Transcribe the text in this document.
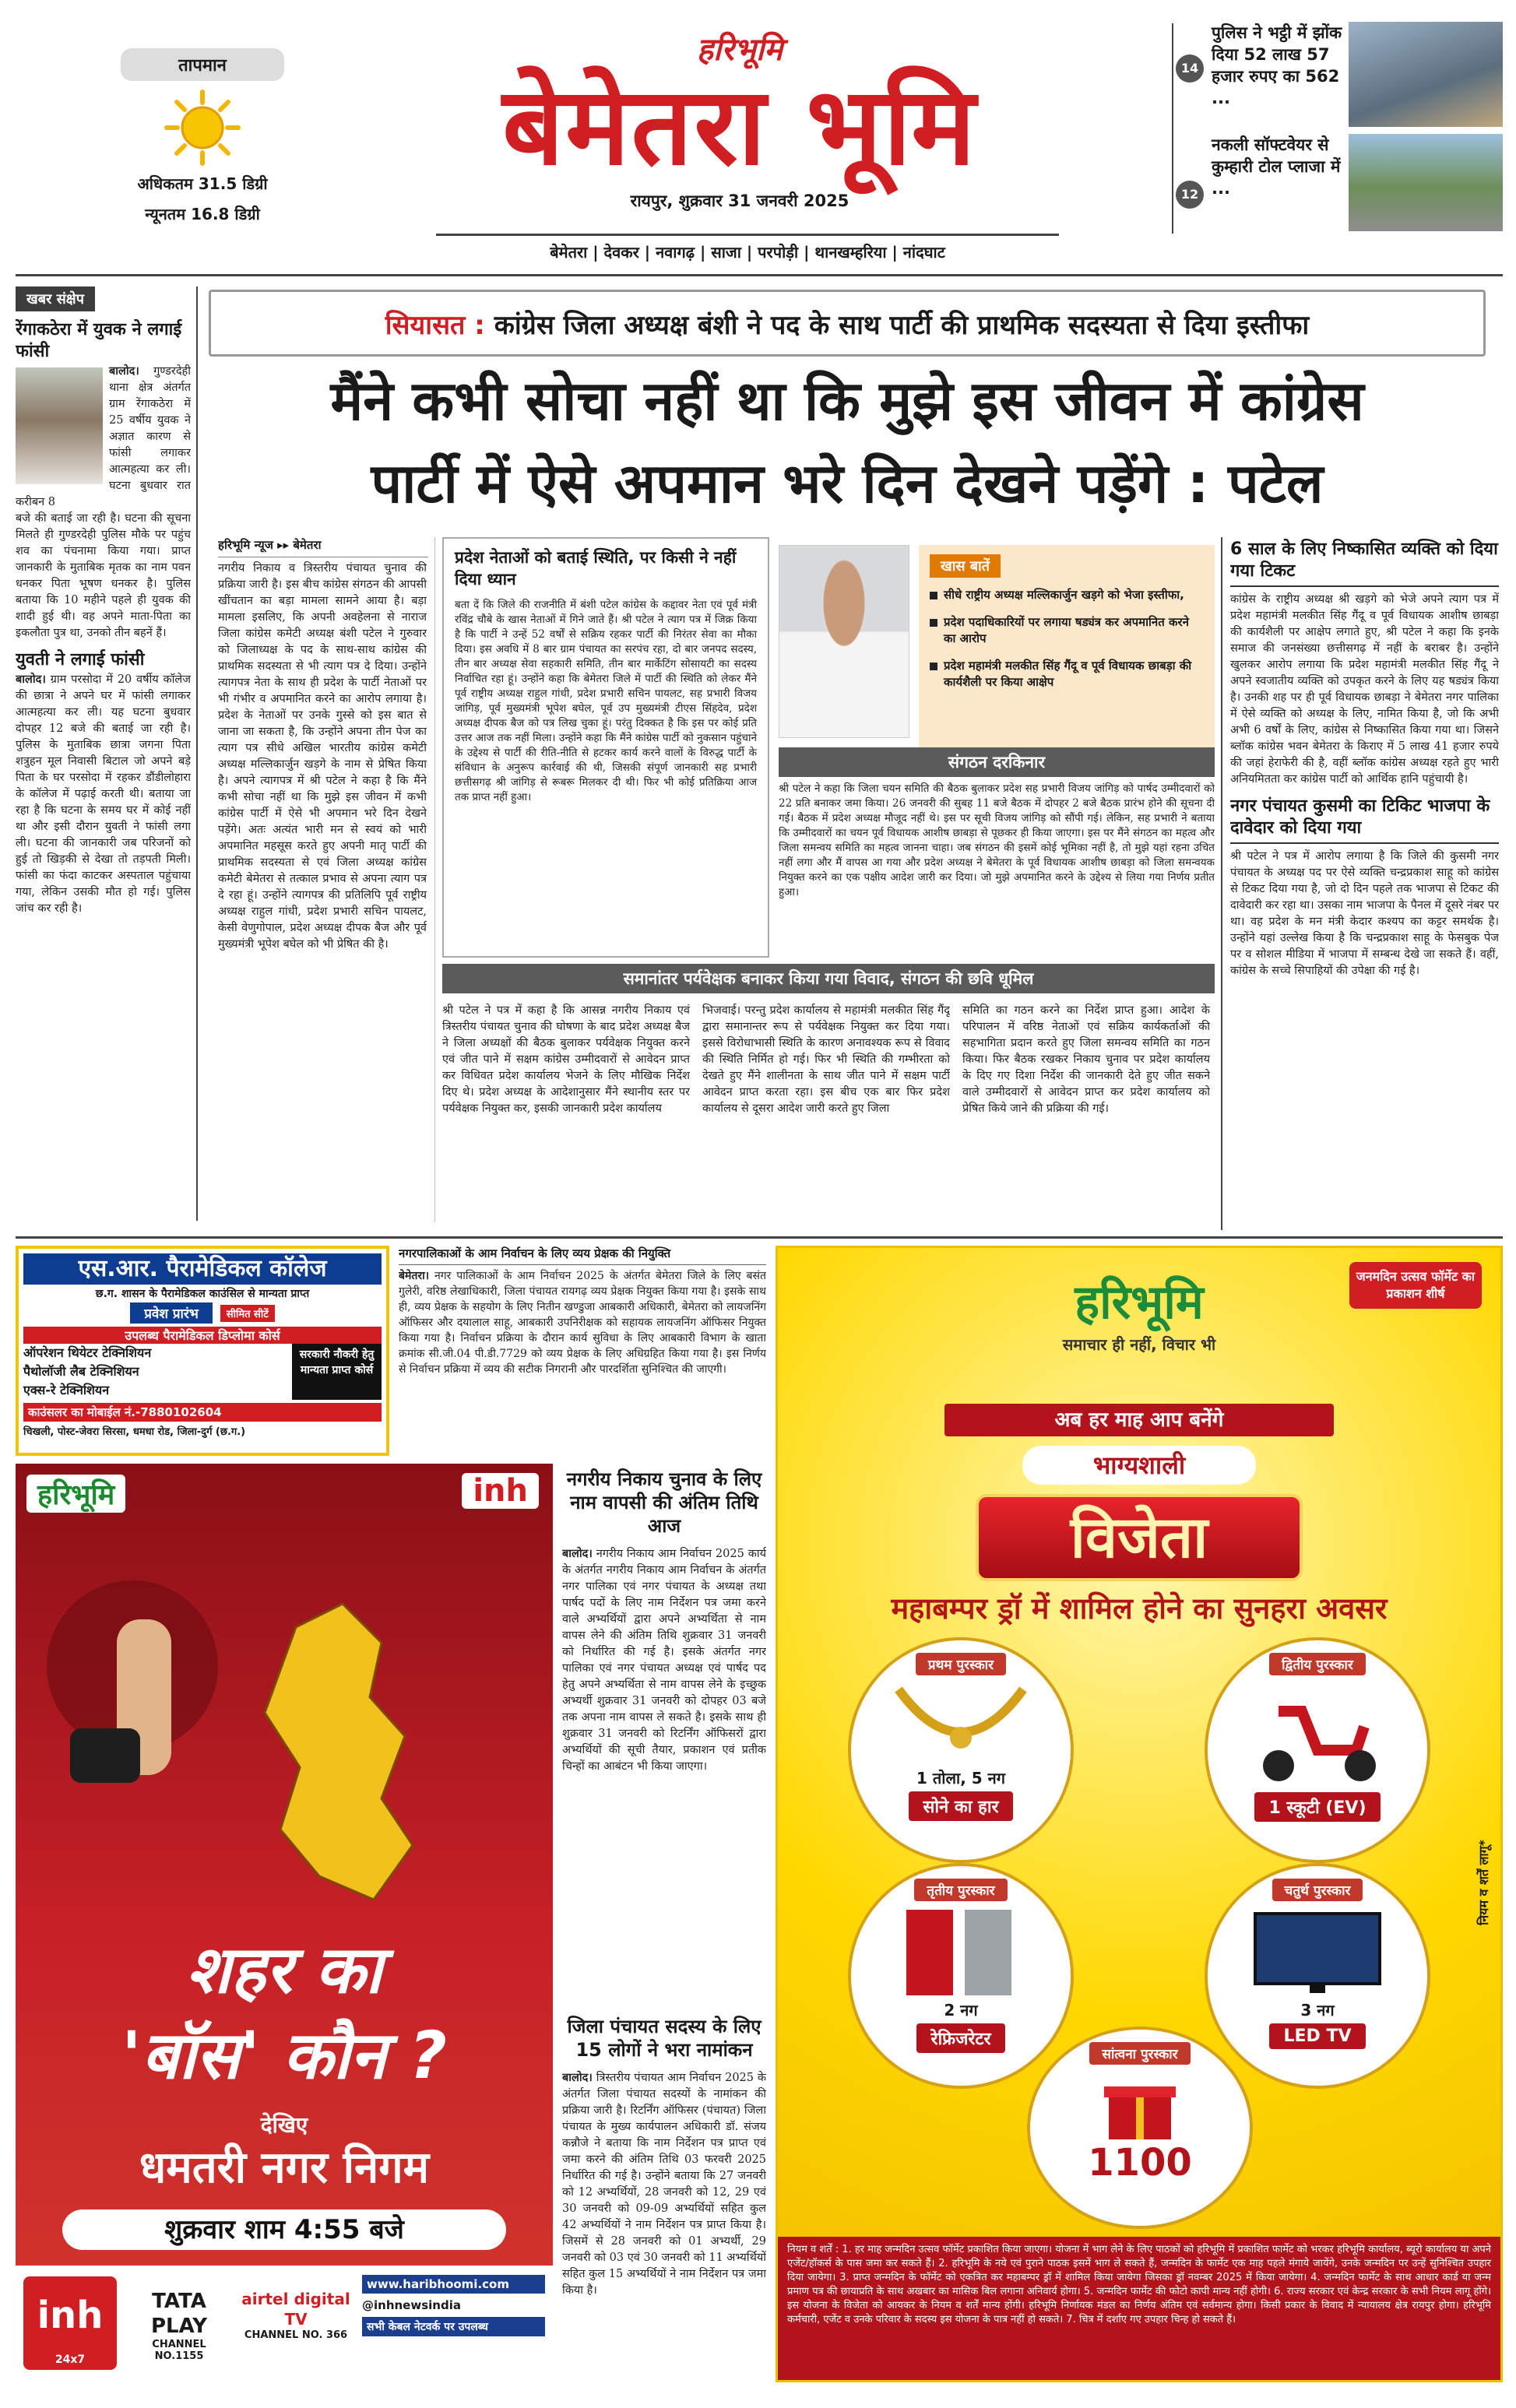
तापमान
अधिकतम 31.5 डिग्री
न्यूनतम 16.8 डिग्री
हरिभूमि
बेमेतरा भूमि
रायपुर, शुक्रवार 31 जनवरी 2025
बेमेतरा | देवकर | नवागढ़ | साजा | परपोड़ी | थानखम्हरिया | नांदघाट
14
पुलिस ने भट्ठी में झोंक दिया 52 लाख 57 हजार रुपए का 562 ...
12
नकली सॉफ्टवेयर से कुम्हारी टोल प्लाजा में ...
खबर संक्षेप
रेंगाकठेरा में युवक ने लगाई फांसी
बालोद। गुण्डरदेही थाना क्षेत्र अंतर्गत ग्राम रेंगाकठेरा में 25 वर्षीय युवक ने अज्ञात कारण से फांसी लगाकर आत्महत्या कर ली। घटना बुधवार रात करीबन 8
बजे की बताई जा रही है। घटना की सूचना मिलते ही गुण्डरदेही पुलिस मौके पर पहुंच शव का पंचनामा किया गया। प्राप्त जानकारी के मुताबिक मृतक का नाम पवन धनकर पिता भूषण धनकर है। पुलिस बताया कि 10 महीने पहले ही युवक की शादी हुई थी। वह अपने माता-पिता का इकलौता पुत्र था, उनको तीन बहनें हैं।
युवती ने लगाई फांसी
बालोद। ग्राम परसोदा में 20 वर्षीय कॉलेज की छात्रा ने अपने घर में फांसी लगाकर आत्महत्या कर ली। यह घटना बुधवार दोपहर 12 बजे की बताई जा रही है। पुलिस के मुताबिक छात्रा जगना पिता शत्रुहन मूल निवासी बिटाल जो अपने बड़े पिता के घर परसोदा में रहकर डौंडीलोहारा के कॉलेज में पढ़ाई करती थी। बताया जा रहा है कि घटना के समय घर में कोई नहीं था और इसी दौरान युवती ने फांसी लगा ली। घटना की जानकारी जब परिजनों को हुई तो खिड़की से देखा तो तड़पती मिली। फांसी का फंदा काटकर अस्पताल पहुंचाया गया, लेकिन उसकी मौत हो गई। पुलिस जांच कर रही है।
सियासत : कांग्रेस जिला अध्यक्ष बंशी ने पद के साथ पार्टी की प्राथमिक सदस्यता से दिया इस्तीफा
मैंने कभी सोचा नहीं था कि मुझे इस जीवन में कांग्रेस
पार्टी में ऐसे अपमान भरे दिन देखने पड़ेंगे : पटेल
हरिभूमि न्यूज ▸▸ बेमेतरा
नगरीय निकाय व त्रिस्तरीय पंचायत चुनाव की प्रक्रिया जारी है। इस बीच कांग्रेस संगठन की आपसी खींचतान का बड़ा मामला सामने आया है। बड़ा मामला इसलिए, कि अपनी अवहेलना से नाराज जिला कांग्रेस कमेटी अध्यक्ष बंशी पटेल ने गुरुवार को जिलाध्यक्ष के पद के साथ-साथ कांग्रेस की प्राथमिक सदस्यता से भी त्याग पत्र दे दिया। उन्होंने त्यागपत्र नेता के साथ ही प्रदेश के पार्टी नेताओं पर भी गंभीर व अपमानित करने का आरोप लगाया है। प्रदेश के नेताओं पर उनके गुस्से को इस बात से जाना जा सकता है, कि उन्होंने अपना तीन पेज का त्याग पत्र सीधे अखिल भारतीय कांग्रेस कमेटी अध्यक्ष मल्लिकार्जुन खड़गे के नाम से प्रेषित किया है। अपने त्यागपत्र में श्री पटेल ने कहा है कि मैंने कभी सोचा नहीं था कि मुझे इस जीवन में कभी कांग्रेस पार्टी में ऐसे भी अपमान भरे दिन देखने पड़ेंगे। अतः अत्यंत भारी मन से स्वयं को भारी अपमानित महसूस करते हुए अपनी मातृ पार्टी की प्राथमिक सदस्यता से एवं जिला अध्यक्ष कांग्रेस कमेटी बेमेतरा से तत्काल प्रभाव से अपना त्याग पत्र दे रहा हूं। उन्होंने त्यागपत्र की प्रतिलिपि पूर्व राष्ट्रीय अध्यक्ष राहुल गांधी, प्रदेश प्रभारी सचिन पायलट, केसी वेणुगोपाल, प्रदेश अध्यक्ष दीपक बैज और पूर्व मुख्यमंत्री भूपेश बघेल को भी प्रेषित की है।
प्रदेश नेताओं को बताई स्थिति, पर किसी ने नहीं दिया ध्यान
बता दें कि जिले की राजनीति में बंशी पटेल कांग्रेस के कद्दावर नेता एवं पूर्व मंत्री रविंद्र चौबे के खास नेताओं में गिने जाते हैं। श्री पटेल ने त्याग पत्र में जिक्र किया है कि पार्टी ने उन्हें 52 वर्षों से सक्रिय रहकर पार्टी की निरंतर सेवा का मौका दिया। इस अवधि में 8 बार ग्राम पंचायत का सरपंच रहा, दो बार जनपद सदस्य, तीन बार अध्यक्ष सेवा सहकारी समिति, तीन बार मार्केटिंग सोसायटी का सदस्य निर्वाचित रहा हूं। उन्होंने कहा कि बेमेतरा जिले में पार्टी की स्थिति को लेकर मैंने पूर्व राष्ट्रीय अध्यक्ष राहुल गांधी, प्रदेश प्रभारी सचिन पायलट, सह प्रभारी विजय जांगिड़, पूर्व मुख्यमंत्री भूपेश बघेल, पूर्व उप मुख्यमंत्री टीएस सिंहदेव, प्रदेश अध्यक्ष दीपक बैज को पत्र लिख चुका हूं। परंतु दिक्कत है कि इस पर कोई प्रति उत्तर आज तक नहीं मिला। उन्होंने कहा कि मैंने कांग्रेस पार्टी को नुकसान पहुंचाने के उद्देश्य से पार्टी की रीति-नीति से हटकर कार्य करने वालों के विरुद्ध पार्टी के संविधान के अनुरूप कार्रवाई की थी, जिसकी संपूर्ण जानकारी सह प्रभारी छत्तीसगढ़ श्री जांगिड़ से रूबरू मिलकर दी थी। फिर भी कोई प्रतिक्रिया आज तक प्राप्त नहीं हुआ।
खास बातें
सीधे राष्ट्रीय अध्यक्ष मल्लिकार्जुन खड़गे को भेजा इस्तीफा,
प्रदेश पदाधिकारियों पर लगाया षड्यंत्र कर अपमानित करने का आरोप
प्रदेश महामंत्री मलकीत सिंह गैंदू व पूर्व विधायक छाबड़ा की कार्यशैली पर किया आक्षेप
संगठन दरकिनार
श्री पटेल ने कहा कि जिला चयन समिति की बैठक बुलाकर प्रदेश सह प्रभारी विजय जांगिड़ को पार्षद उम्मीदवारों को 22 प्रति बनाकर जमा किया। 26 जनवरी की सुबह 11 बजे बैठक में दोपहर 2 बजे बैठक प्रारंभ होने की सूचना दी गई। बैठक में प्रदेश अध्यक्ष मौजूद नहीं थे। इस पर सूची विजय जांगिड़ को सौंपी गई। लेकिन, सह प्रभारी ने बताया कि उम्मीदवारों का चयन पूर्व विधायक आशीष छाबड़ा से पूछकर ही किया जाएगा। इस पर मैंने संगठन का महत्व और जिला समन्वय समिति का महत्व जानना चाहा। जब संगठन की इसमें कोई भूमिका नहीं है, तो मुझे यहां रहना उचित नहीं लगा और मैं वापस आ गया और प्रदेश अध्यक्ष ने बेमेतरा के पूर्व विधायक आशीष छाबड़ा को जिला समन्वयक नियुक्त करने का एक पक्षीय आदेश जारी कर दिया। जो मुझे अपमानित करने के उद्देश्य से लिया गया निर्णय प्रतीत हुआ।
समानांतर पर्यवेक्षक बनाकर किया गया विवाद, संगठन की छवि धूमिल
श्री पटेल ने पत्र में कहा है कि आसन्न नगरीय निकाय एवं त्रिस्तरीय पंचायत चुनाव की घोषणा के बाद प्रदेश अध्यक्ष बैज ने जिला अध्यक्षों की बैठक बुलाकर पर्यवेक्षक नियुक्त करने एवं जीत पाने में सक्षम कांग्रेस उम्मीदवारों से आवेदन प्राप्त कर विधिवत प्रदेश कार्यालय भेजने के लिए मौखिक निर्देश दिए थे। प्रदेश अध्यक्ष के आदेशानुसार मैंने स्थानीय स्तर पर पर्यवेक्षक नियुक्त कर, इसकी जानकारी प्रदेश कार्यालय
भिजवाई। परन्तु प्रदेश कार्यालय से महामंत्री मलकीत सिंह गैंदू द्वारा समानान्तर रूप से पर्यवेक्षक नियुक्त कर दिया गया। इससे विरोधाभासी स्थिति के कारण अनावश्यक रूप से विवाद की स्थिति निर्मित हो गई। फिर भी स्थिति की गम्भीरता को देखते हुए मैंने शालीनता के साथ जीत पाने में सक्षम पार्टी आवेदन प्राप्त करता रहा। इस बीच एक बार फिर प्रदेश कार्यालय से दूसरा आदेश जारी करते हुए जिला
समिति का गठन करने का निर्देश प्राप्त हुआ। आदेश के परिपालन में वरिष्ठ नेताओं एवं सक्रिय कार्यकर्ताओं की सहभागिता प्रदान करते हुए जिला समन्वय समिति का गठन किया। फिर बैठक रखकर निकाय चुनाव पर प्रदेश कार्यालय के दिए गए दिशा निर्देश की जानकारी देते हुए जीत सकने वाले उम्मीदवारों से आवेदन प्राप्त कर प्रदेश कार्यालय को प्रेषित किये जाने की प्रक्रिया की गई।
6 साल के लिए निष्कासित व्यक्ति को दिया गया टिकट
कांग्रेस के राष्ट्रीय अध्यक्ष श्री खड़गे को भेजे अपने त्याग पत्र में प्रदेश महामंत्री मलकीत सिंह गैंदू व पूर्व विधायक आशीष छाबड़ा की कार्यशैली पर आक्षेप लगाते हुए, श्री पटेल ने कहा कि इनके समाज की जनसंख्या छत्तीसगढ़ में नहीं के बराबर है। उन्होंने खुलकर आरोप लगाया कि प्रदेश महामंत्री मलकीत सिंह गैंदू ने अपने स्वजातीय व्यक्ति को उपकृत करने के लिए यह षड्यंत्र किया है। उनकी शह पर ही पूर्व विधायक छाबड़ा ने बेमेतरा नगर पालिका में ऐसे व्यक्ति को अध्यक्ष के लिए, नामित किया है, जो कि अभी अभी 6 वर्षों के लिए, कांग्रेस से निष्कासित किया गया था। जिसने ब्लॉक कांग्रेस भवन बेमेतरा के किराए में 5 लाख 41 हजार रुपये की जहां हेराफेरी की है, वहीं ब्लॉक कांग्रेस अध्यक्ष रहते हुए भारी अनियमितता कर कांग्रेस पार्टी को आर्थिक हानि पहुंचायी है।
नगर पंचायत कुसमी का टिकिट भाजपा के दावेदार को दिया गया
श्री पटेल ने पत्र में आरोप लगाया है कि जिले की कुसमी नगर पंचायत के अध्यक्ष पद पर ऐसे व्यक्ति चन्द्रप्रकाश साहू को कांग्रेस से टिकट दिया गया है, जो दो दिन पहले तक भाजपा से टिकट की दावेदारी कर रहा था। उसका नाम भाजपा के पैनल में दूसरे नंबर पर था। वह प्रदेश के मन मंत्री केदार कश्यप का कट्टर समर्थक है। उन्होंने यहां उल्लेख किया है कि चन्द्रप्रकाश साहू के फेसबुक पेज पर व सोशल मीडिया में भाजपा में सम्बन्ध देखे जा सकते हैं। वहीं, कांग्रेस के सच्चे सिपाहियों की उपेक्षा की गई है।
एस.आर. पैरामेडिकल कॉलेज
छ.ग. शासन के पैरामेडिकल काउंसिल से मान्यता प्राप्त
प्रवेश प्रारंभ	सीमित सीटें
उपलब्ध पैरामेडिकल डिप्लोमा कोर्स
ऑपरेशन थियेटर टेक्निशियन
पैथोलॉजी लैब टेक्निशियन
एक्स-रे टेक्निशियन
सरकारी नौकरी हेतु मान्यता प्राप्त कोर्स
काउंसलर का मोबाईल नं.-7880102604
चिखली, पोस्ट-जेवरा सिरसा, धमधा रोड, जिला-दुर्ग (छ.ग.)
नगरपालिकाओं के आम निर्वाचन के लिए व्यय प्रेक्षक की नियुक्ति
बेमेतरा। नगर पालिकाओं के आम निर्वाचन 2025 के अंतर्गत बेमेतरा जिले के लिए बसंत गुलेरी, वरिष्ठ लेखाधिकारी, जिला पंचायत रायगढ़ व्यय प्रेक्षक नियुक्त किया गया है। इसके साथ ही, व्यय प्रेक्षक के सहयोग के लिए नितीन खण्डुजा आबकारी अधिकारी, बेमेतरा को लायजनिंग ऑफिसर और दयालाल साहू, आबकारी उपनिरीक्षक को सहायक लायजनिंग ऑफिसर नियुक्त किया गया है। निर्वाचन प्रक्रिया के दौरान कार्य सुविधा के लिए आबकारी विभाग के खाता क्रमांक सी.जी.04 पी.डी.7729 को व्यय प्रेक्षक के लिए अधिग्रहित किया गया है। इस निर्णय से निर्वाचन प्रक्रिया में व्यय की सटीक निगरानी और पारदर्शिता सुनिश्चित की जाएगी।
हरिभूमि	inh
शहर का
'बॉस' कौन ?
देखिए
धमतरी नगर निगम
शुक्रवार शाम 4:55 बजे
inh
24x7
TATA PLAY
CHANNEL NO.1155
airtel digital TV
CHANNEL NO. 366
www.haribhoomi.com
@inhnewsindia
सभी केबल नेटवर्क पर उपलब्ध
नगरीय निकाय चुनाव के लिए नाम वापसी की अंतिम तिथि आज
बालोद। नगरीय निकाय आम निर्वाचन 2025 कार्य के अंतर्गत नगरीय निकाय आम निर्वाचन के अंतर्गत नगर पालिका एवं नगर पंचायत के अध्यक्ष तथा पार्षद पदों के लिए नाम निर्देशन पत्र जमा करने वाले अभ्यर्थियों द्वारा अपने अभ्यर्थिता से नाम वापस लेने की अंतिम तिथि शुक्रवार 31 जनवरी को निर्धारित की गई है। इसके अंतर्गत नगर पालिका एवं नगर पंचायत अध्यक्ष एवं पार्षद पद हेतु अपने अभ्यर्थिता से नाम वापस लेने के इच्छुक अभ्यर्थी शुक्रवार 31 जनवरी को दोपहर 03 बजे तक अपना नाम वापस ले सकते है। इसके साथ ही शुक्रवार 31 जनवरी को रिटर्निंग ऑफिसरों द्वारा अभ्यर्थियों की सूची तैयार, प्रकाशन एवं प्रतीक चिन्हों का आबंटन भी किया जाएगा।
जिला पंचायत सदस्य के लिए 15 लोगों ने भरा नामांकन
बालोद। त्रिस्तरीय पंचायत आम निर्वाचन 2025 के अंतर्गत जिला पंचायत सदस्यों के नामांकन की प्रक्रिया जारी है। रिटर्निंग ऑफिसर (पंचायत) जिला पंचायत के मुख्य कार्यपालन अधिकारी डॉ. संजय कन्नौजे ने बताया कि नाम निर्देशन पत्र प्राप्त एवं जमा करने की अंतिम तिथि 03 फरवरी 2025 निर्धारित की गई है। उन्होंने बताया कि 27 जनवरी को 12 अभ्यर्थियों, 28 जनवरी को 12, 29 एवं 30 जनवरी को 09-09 अभ्यर्थियों सहित कुल 42 अभ्यर्थियों ने नाम निर्देशन पत्र प्राप्त किया है। जिसमें से 28 जनवरी को 01 अभ्यर्थी, 29 जनवरी को 03 एवं 30 जनवरी को 11 अभ्यर्थियों सहित कुल 15 अभ्यर्थियों ने नाम निर्देशन पत्र जमा किया है।
हरिभूमि
समाचार ही नहीं, विचार भी
जनमदिन उत्सव फॉर्मेट का प्रकाशन शीर्ष
अब हर माह आप बनेंगे
भाग्यशाली
विजेता
महाबम्पर ड्रॉ में शामिल होने का सुनहरा अवसर
नियम व शर्तें लागू*
प्रथम पुरस्कार
1 तोला, 5 नग
सोने का हार
द्वितीय पुरस्कार
1 स्कूटी (EV)
तृतीय पुरस्कार
2 नग
रेफ्रिजरेटर
चतुर्थ पुरस्कार
3 नग
LED TV
सांत्वना पुरस्कार
1100
नियम व शर्तें : 1. हर माह जन्मदिन उत्सव फॉर्मेट प्रकाशित किया जाएगा। योजना में भाग लेने के लिए पाठकों को हरिभूमि में प्रकाशित फार्मेट को भरकर हरिभूमि कार्यालय, ब्यूरो कार्यालय या अपने एजेंट/हॉकर्स के पास जमा कर सकते हैं। 2. हरिभूमि के नये एवं पुराने पाठक इसमें भाग ले सकते हैं, जन्मदिन के फार्मेट एक माह पहले मंगाये जायेंगे, उनके जन्मदिन पर उन्हें सुनिश्चित उपहार दिया जायेगा। 3. प्राप्त जन्मदिन के फॉर्मेट को एकत्रित कर महाबम्पर ड्रॉ में शामिल किया जायेगा जिसका ड्रॉ नवम्बर 2025 में किया जायेगा। 4. जन्मदिन फार्मेट के साथ आधार कार्ड या जन्म प्रमाण पत्र की छायाप्रति के साथ अखबार का मासिक बिल लगाना अनिवार्य होगा। 5. जन्मदिन फार्मेट की फोटो कापी मान्य नहीं होगी। 6. राज्य सरकार एवं केन्द्र सरकार के सभी नियम लागू होंगे। इस योजना के विजेता को आयकर के नियम व शर्तें मान्य होंगी। हरिभूमि निर्णायक मंडल का निर्णय अंतिम एवं सर्वमान्य होगा। किसी प्रकार के विवाद में न्यायालय क्षेत्र रायपुर होगा। हरिभूमि कर्मचारी, एजेंट व उनके परिवार के सदस्य इस योजना के पात्र नहीं हो सकते। 7. चित्र में दर्शाए गए उपहार चिन्ह हो सकते हैं।
